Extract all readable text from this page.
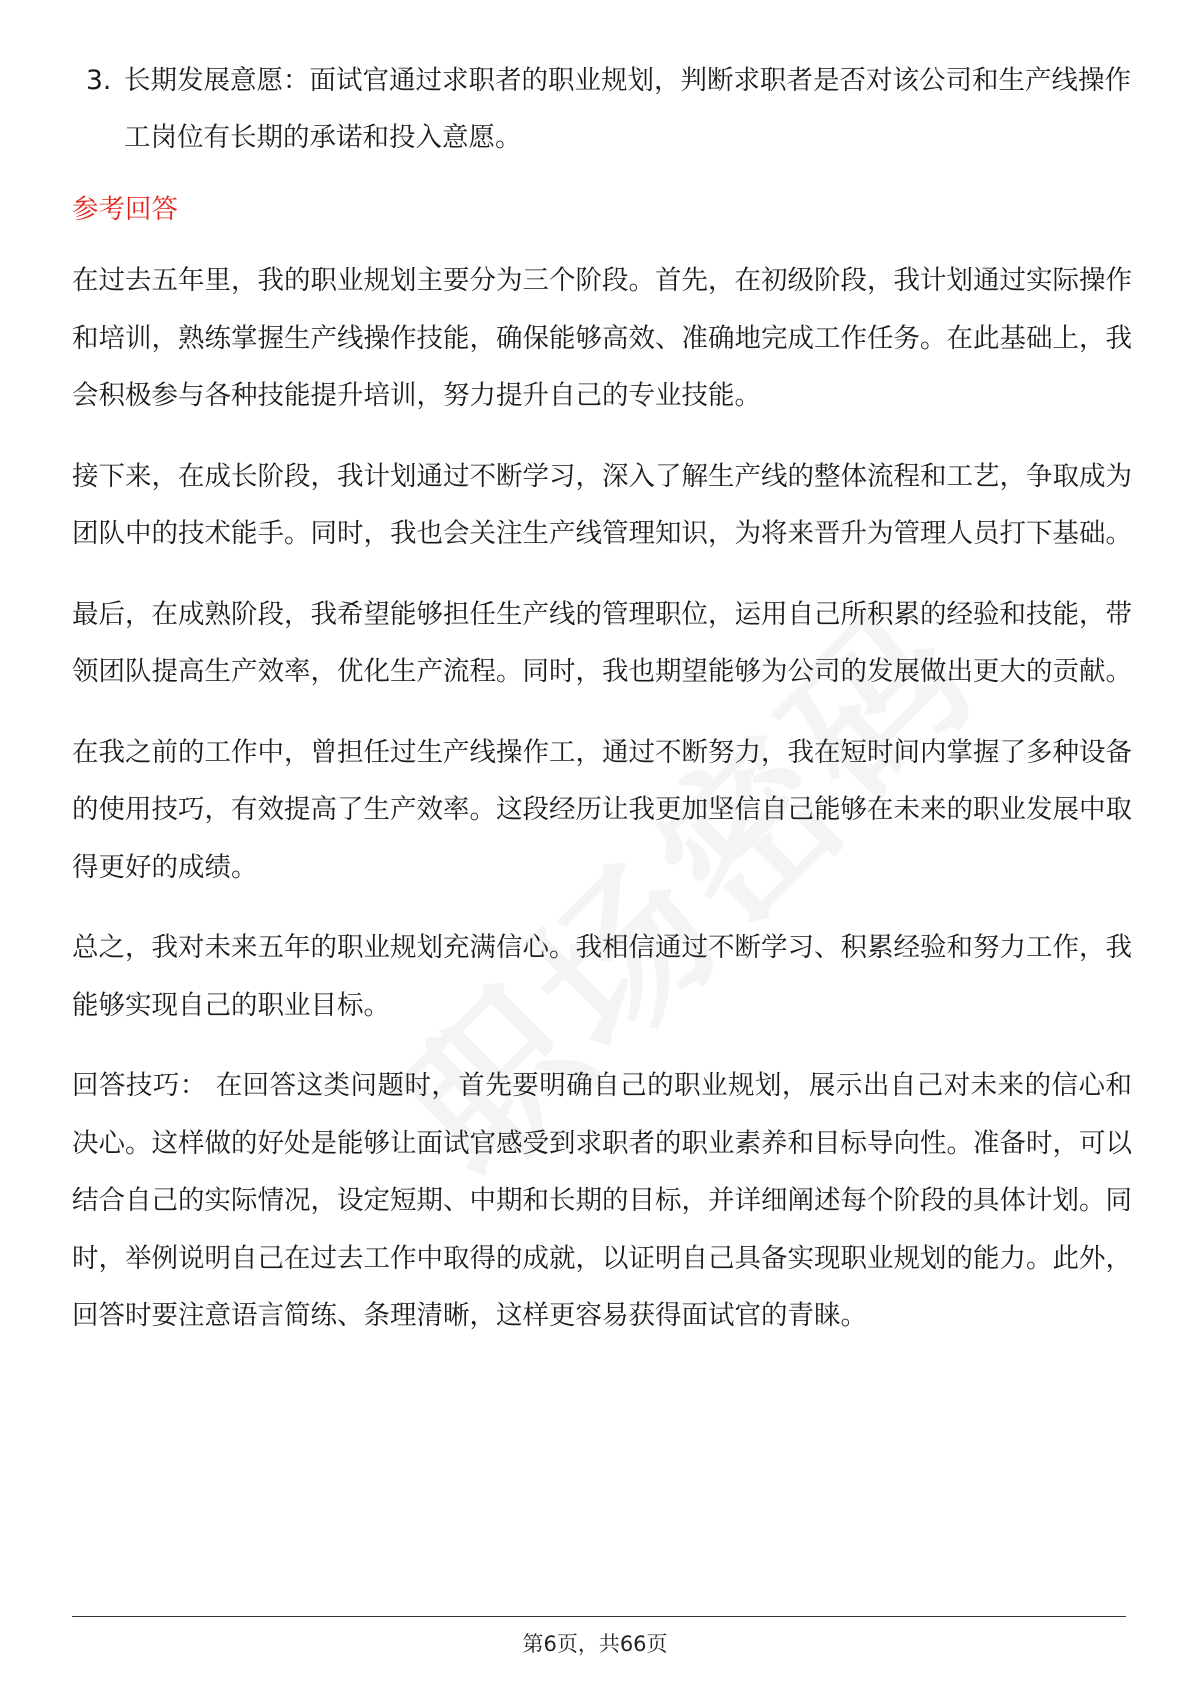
3. 长期发展意愿：面试官通过求职者的职业规划，判断求职者是否对该公司和生产线操作工岗位有长期的承诺和投入意愿。
参考回答

在过去五年里，我的职业规划主要分为三个阶段。首先，在初级阶段，我计划通过实际操作和培训，熟练掌握生产线操作技能，确保能够高效、准确地完成工作任务。在此基础上，我会积极参与各种技能提升培训，努力提升自己的专业技能。

接下来，在成长阶段，我计划通过不断学习，深入了解生产线的整体流程和工艺，争取成为团队中的技术能手。同时，我也会关注生产线管理知识，为将来晋升为管理人员打下基础。

最后，在成熟阶段，我希望能够担任生产线的管理职位，运用自己所积累的经验和技能，带领团队提高生产效率，优化生产流程。同时，我也期望能够为公司的发展做出更大的贡献。

在我之前的工作中，曾担任过生产线操作工，通过不断努力，我在短时间内掌握了多种设备的使用技巧，有效提高了生产效率。这段经历让我更加坚信自己能够在未来的职业发展中取得更好的成绩。

总之，我对未来五年的职业规划充满信心。我相信通过不断学习、积累经验和努力工作，我能够实现自己的职业目标。

回答技巧： 在回答这类问题时，首先要明确自己的职业规划，展示出自己对未来的信心和决心。这样做的好处是能够让面试官感受到求职者的职业素养和目标导向性。准备时，可以结合自己的实际情况，设定短期、中期和长期的目标，并详细阐述每个阶段的具体计划。同时，举例说明自己在过去工作中取得的成就，以证明自己具备实现职业规划的能力。此外，回答时要注意语言简练、条理清晰，这样更容易获得面试官的青睐。

第6页，共66页
